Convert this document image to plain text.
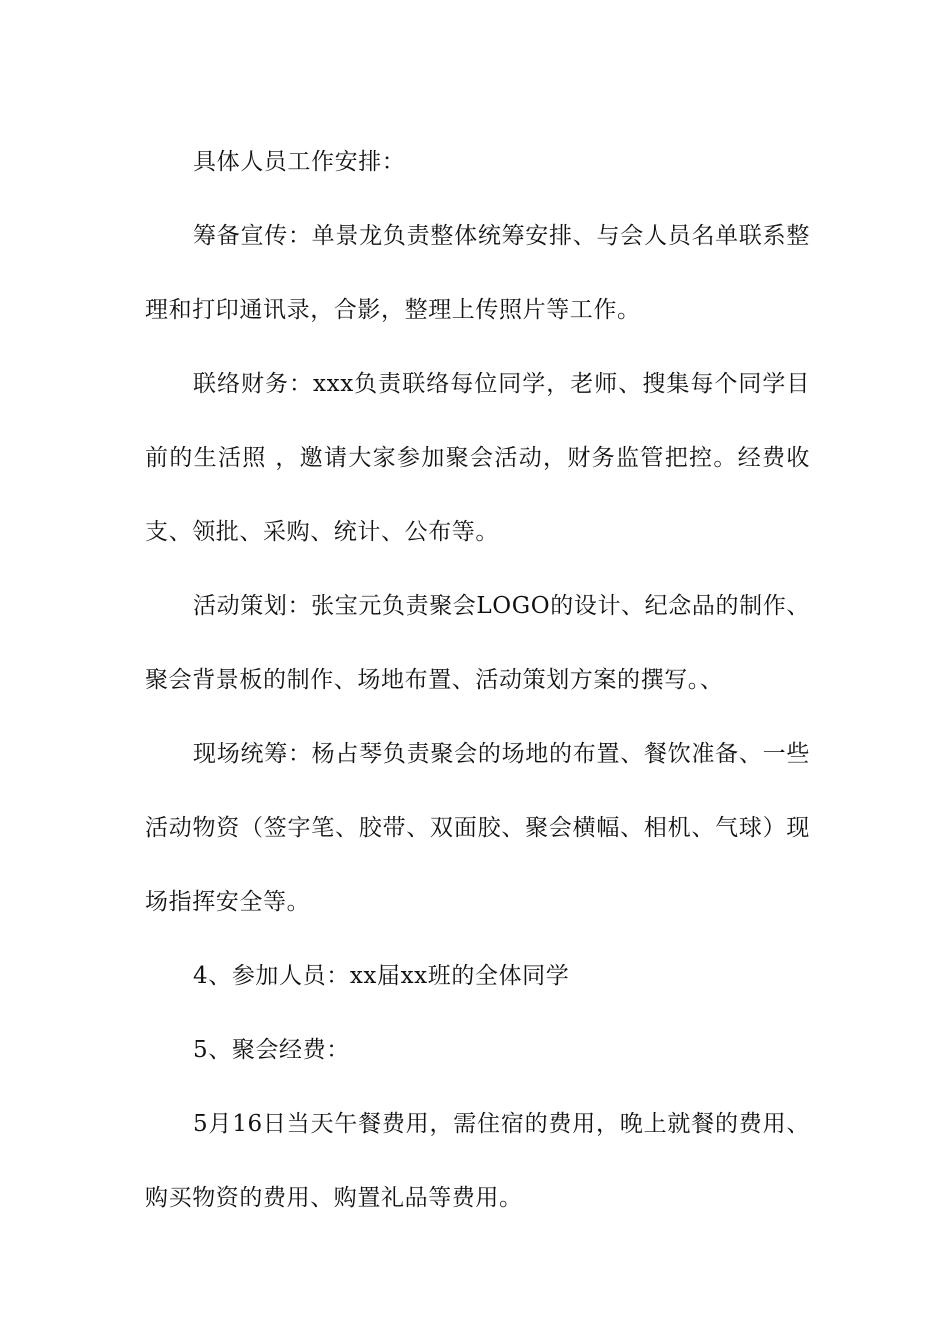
具体人员工作安排：

筹备宣传：单景龙负责整体统筹安排、与会人员名单联系整理和打印通讯录，合影，整理上传照片等工作。

联络财务：xxx负责联络每位同学，老师、搜集每个同学目前的生活照 ，邀请大家参加聚会活动，财务监管把控。经费收支、领批、采购、统计、公布等。

活动策划：张宝元负责聚会LOGO的设计、纪念品的制作、聚会背景板的制作、场地布置、活动策划方案的撰写。、

现场统筹：杨占琴负责聚会的场地的布置、餐饮准备、一些活动物资（签字笔、胶带、双面胶、聚会横幅、相机、气球）现场指挥安全等。

4、参加人员：xx届xx班的全体同学

5、聚会经费：

5月16日当天午餐费用，需住宿的费用，晚上就餐的费用、购买物资的费用、购置礼品等费用。
